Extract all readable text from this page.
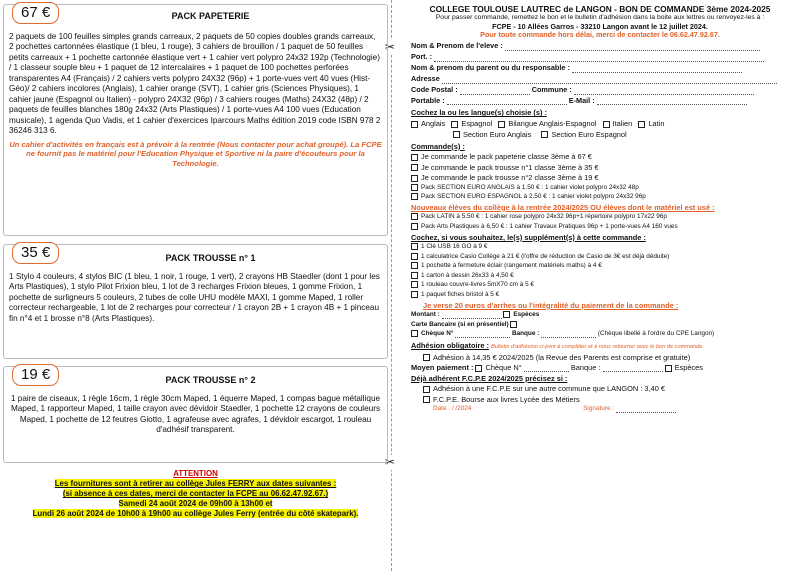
✂
✂
67 €	PACK PAPETERIE
2 paquets de 100 feuilles simples grands carreaux, 2 paquets de 50 copies doubles grands carreaux, 2 pochettes cartonnées élastique (1 bleu, 1 rouge), 3 cahiers de brouillon / 1 paquet de 50 feuilles petits carreaux + 1 pochette cartonnée élastique vert + 1 cahier vert polypro 24x32 192p (Technologie) / 1 classeur souple bleu + 1 paquet de 12 intercalaires + 1 paquet de 100 pochettes perforées transparentes A4 (Français) / 2 cahiers verts polypro 24X32 (96p) + 1 porte-vues vert 40 vues (Hist-Géo)/ 2 cahiers incolores (Anglais), 1 cahier orange (SVT), 1 cahier gris (Sciences Physiques), 1 cahier jaune (Espagnol ou Italien) - polypro 24X32 (96p) / 3 cahiers rouges (Maths) 24X32 (48p) / 2 paquets de feuilles blanches 180g 24x32 (Arts Plastiques) / 1 porte-vues A4 100 vues (Education musicale), 1 agenda Quo Vadis, et 1 cahier d'exercices Iparcours Maths édition 2019 code ISBN 978 2 36246 313 6.
Un cahier d'activités en français est à prévoir à la rentrée (Nous contacter pour achat groupé). La FCPE ne fournit pas le matériel pour l'Education Physique et Sportive ni la paire d'écouteurs pour la Technologie.
35 €	PACK TROUSSE n° 1
1 Stylo 4 couleurs, 4 stylos BIC (1 bleu, 1 noir, 1 rouge, 1 vert), 2 crayons HB Staedler (dont 1 pour les Arts Plastiques), 1 stylo Pilot Frixion bleu, 1 lot de 3 recharges Frixion bleues, 1 gomme Frixion, 1 pochette de surligneurs 5 couleurs, 2 tubes de colle UHU modèle MAXI, 1 gomme Maped, 1 roller correcteur rechargeable, 1 lot de 2 recharges pour correcteur / 1 crayon 2B + 1 crayon 4B + 1 pinceau fin n°4 et 1 brosse n°8 (Arts Plastiques).
19 €	PACK TROUSSE n° 2
1 paire de ciseaux, 1 règle 16cm, 1 règle 30cm Maped, 1 équerre Maped, 1 compas bague métallique Maped, 1 rapporteur Maped, 1 taille crayon avec dévidoir Staedler, 1 pochette 12 crayons de couleurs Maped, 1 pochette de 12 feutres Giotto, 1 agrafeuse avec agrafes, 1 dévidoir escargot, 1 rouleau d'adhésif transparent.
ATTENTION
Les fournitures sont à retirer au collège Jules FERRY aux dates suivantes :
(si absence à ces dates, merci de contacter la FCPE au 06.62.47.92.67.)
Samedi 24 août 2024 de 09h00 à 13h00 et
Lundi 26 août 2024 de 10h00 à 19h00 au collège Jules Ferry (entrée du côté skatepark).
COLLEGE TOULOUSE LAUTREC de LANGON - BON DE COMMANDE 3ème 2024-2025
Pour passer commande, remettez le bon et le bulletin d'adhésion dans la boite aux lettres ou renvoyez-les à :
FCPE - 10 Allées Garros - 33210 Langon avant le 12 juillet 2024.
Pour toute commande hors délai, merci de contacter le 06.62.47.92.67.
Nom & Prenom de l'eleve :
Port. :
Nom & prenom du parent ou du responsable :
Adresse
Code Postal :	Commune :
Portable :	E-Mail :
Cochez la ou les langue(s) choisie (s) :
Anglais Espagnol Bilangue Anglais-Espagnol Italien Latin
Section Euro Anglais	Section Euro Espagnol
Commande(s) :
Je commande le pack papeterie classe 3ème à 67 €
Je commande le pack trousse n°1 classe 3ème à 35 €
Je commande le pack trousse n°2 classe 3ème à 19 €
Pack SECTION EURO ANGLAIS à 1.50 € : 1 cahier violet polypro 24x32 48p
Pack SECTION EURO ESPAGNOL à 2.50 € : 1 cahier violet polypro 24x32 96p
Nouveaux élèves du collège à la rentrée 2024/2025 OU élèves dont le matériel est usé :
Pack LATIN à 5.50 € : 1 cahier rose polypro 24x32 96p+1 répertoire polypro 17x22 96p
Pack Arts Plastiques à 6,50 € : 1 cahier Travaux Pratiques 96p + 1 porte-vues A4 160 vues
Cochez, si vous souhaitez, le(s) supplément(s) à cette commande :
1 Clé USB 16 GO à 9 €
1 calculatrice Casio Collège à 21 € (l'offre de réduction de Casio de 3€ est déjà déduite)
1 pochette à fermeture éclair (rangement matériels maths) à 4 €
1 carton à dessin 26x33 à 4,50 €
1 rouleau couvre-livres 5mX70 cm à 5 €
1 paquet fiches bristol à 5 €
Je verse 20 euros d'arrhes ou l'intégralité du paiement de la commande :
Montant :	Espèces
Carte Bancaire (si en présentiel)
Chèque N°	Banque :	(Chèque libellé à l'ordre du CPE Langon)
Adhésion obligatoire : Bulletin d'adhésion ci-joint à compléter et à nous retourner avec le bon de commande.
Adhésion à 14,35 € 2024/2025 (la Revue des Parents est comprise et gratuite)
Moyen paiement : Chèque N°	Banque :	Espèces
Déjà adhérent F.C.P.E 2024/2025 précisez si :
Adhésion à une F.C.P.E sur une autre commune que LANGON : 3,40 €
F.C.P.E. Bourse aux livres Lycée des Métiers
Date : / /2024	Signature :
